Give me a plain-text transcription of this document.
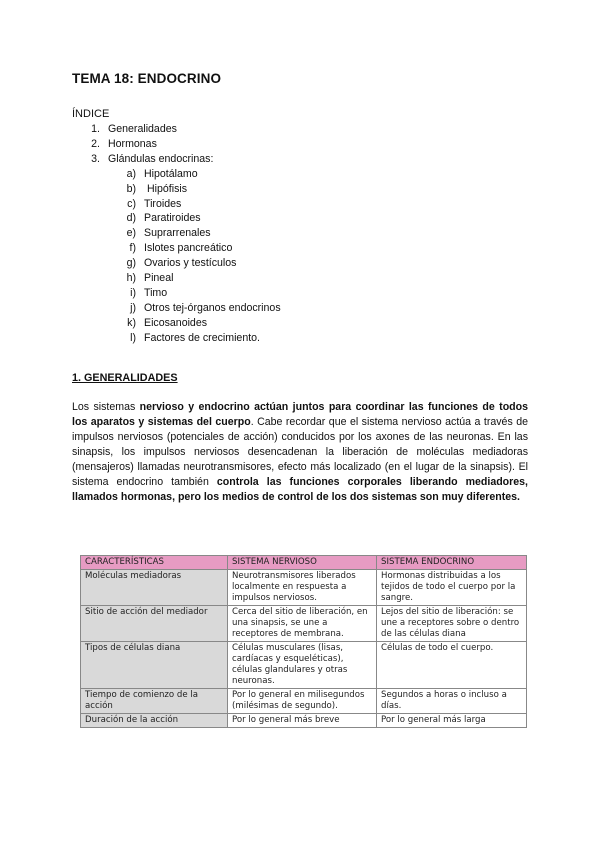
TEMA 18: ENDOCRINO
ÍNDICE
1. Generalidades
2. Hormonas
3. Glándulas endocrinas:
a) Hipotálamo
b)	Hipófisis
c) Tiroides
d) Paratiroides
e) Suprarrenales
f) Islotes pancreático
g) Ovarios y testículos
h) Pineal
i) Timo
j) Otros tej-órganos endocrinos
k) Eicosanoides
l) Factores de crecimiento.
1. GENERALIDADES

Los sistemas nervioso y endocrino actúan juntos para coordinar las funciones de todos los aparatos y sistemas del cuerpo. Cabe recordar que el sistema nervioso actúa a través de impulsos nerviosos (potenciales de acción) conducidos por los axones de las neuronas. En las sinapsis, los impulsos nerviosos desencadenan la liberación de moléculas mediadoras (mensajeros) llamadas neurotransmisores, efecto más localizado (en el lugar de la sinapsis). El sistema endocrino también controla las funciones corporales liberando mediadores, llamados hormonas, pero los medios de control de los dos sistemas son muy diferentes.

CARACTERÍSTICAS	SISTEMA NERVIOSO	SISTEMA ENDOCRINO
Moléculas mediadoras	Neurotransmisores liberados localmente en respuesta a impulsos nerviosos.	Hormonas distribuidas a los tejidos de todo el cuerpo por la sangre.
Sitio de acción del mediador	Cerca del sitio de liberación, en una sinapsis, se une a receptores de membrana.	Lejos del sitio de liberación: se une a receptores sobre o dentro de las células diana
Tipos de células diana	Células musculares (lisas, cardíacas y esqueléticas), células glandulares y otras neuronas.	Células de todo el cuerpo.
Tiempo de comienzo de la acción	Por lo general en milisegundos (milésimas de segundo).	Segundos a horas o incluso a días.
Duración de la acción	Por lo general más breve	Por lo general más larga
